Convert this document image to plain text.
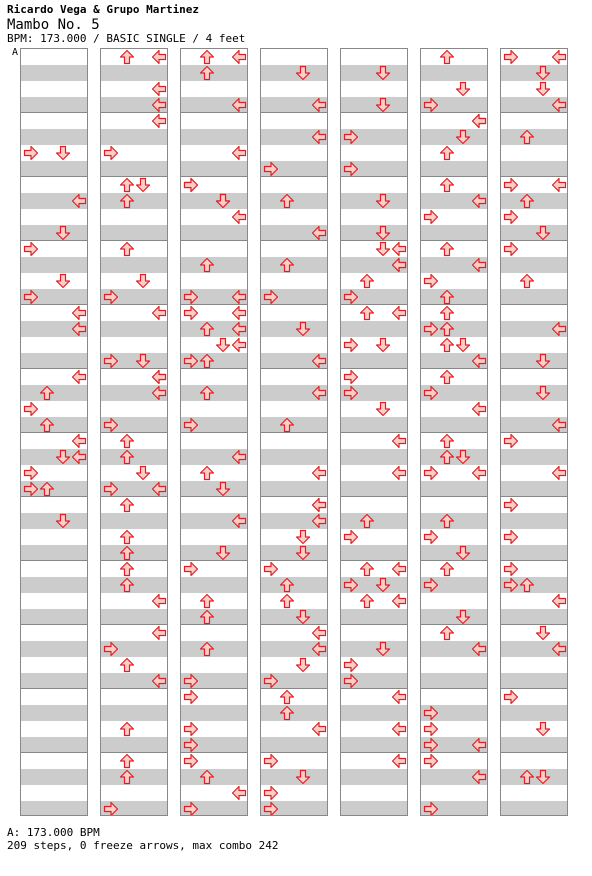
Ricardo Vega & Grupo Martinez
Mambo No. 5
BPM: 173.000 / BASIC SINGLE / 4 feet
A
A: 173.000 BPM
209 steps, 0 freeze arrows, max combo 242
